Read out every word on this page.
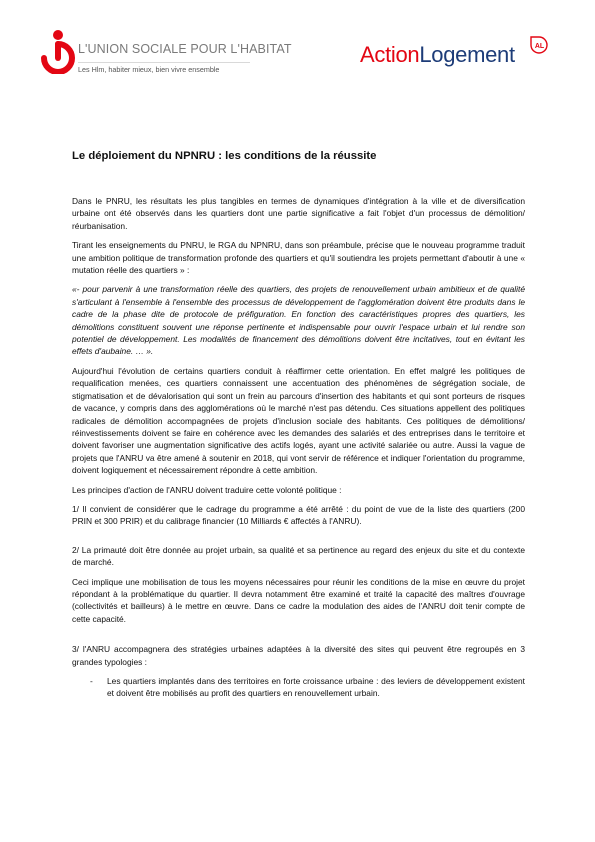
L'UNION SOCIALE POUR L'HABITAT
Les Hlm, habiter mieux, bien vivre ensemble
ActionLogement	AL
Le déploiement du NPNRU : les conditions de la réussite

Dans le PNRU, les résultats les plus tangibles en termes de dynamiques d'intégration à la ville et de diversification urbaine ont été observés dans les quartiers dont une partie significative a fait l'objet d'un processus de démolition/ réurbanisation.

Tirant les enseignements du PNRU, le RGA du NPNRU, dans son préambule, précise que le nouveau programme traduit une ambition politique de transformation profonde des quartiers et qu'il soutiendra les projets permettant d'aboutir à une « mutation réelle des quartiers » :

«- pour parvenir à une transformation réelle des quartiers, des projets de renouvellement urbain ambitieux et de qualité s'articulant à l'ensemble à l'ensemble des processus de développement de l'agglomération doivent être produits dans le cadre de la phase dite de protocole de préfiguration. En fonction des caractéristiques propres des quartiers, les démolitions constituent souvent une réponse pertinente et indispensable pour ouvrir l'espace urbain et lui rendre son potentiel de développement. Les modalités de financement des démolitions doivent être incitatives, tout en évitant les effets d'aubaine. … ».

Aujourd'hui l'évolution de certains quartiers conduit à réaffirmer cette orientation. En effet malgré les politiques de requalification menées, ces quartiers connaissent une accentuation des phénomènes de ségrégation sociale, de stigmatisation et de dévalorisation qui sont un frein au parcours d'insertion des habitants et qui sont porteurs de risques de vacance, y compris dans des agglomérations où le marché n'est pas détendu. Ces situations appellent des politiques radicales de démolition accompagnées de projets d'inclusion sociale des habitants. Ces politiques de démolitions/ réinvestissements doivent se faire en cohérence avec les demandes des salariés et des entreprises dans le territoire et doivent favoriser une augmentation significative des actifs logés, ayant une activité salariée ou autre. Aussi la vague de projets que l'ANRU va être amené à soutenir en 2018, qui vont servir de référence et indiquer l'orientation du programme, doivent logiquement et nécessairement répondre à cette ambition.

Les principes d'action de l'ANRU doivent traduire cette volonté politique :

1/ Il convient de considérer que le cadrage du programme a été arrêté : du point de vue de la liste des quartiers (200 PRIN et 300 PRIR) et du calibrage financier (10 Milliards € affectés à l'ANRU).

2/ La primauté doit être donnée au projet urbain, sa qualité et sa pertinence au regard des enjeux du site et du contexte de marché.

Ceci implique une mobilisation de tous les moyens nécessaires pour réunir les conditions de la mise en œuvre du projet répondant à la problématique du quartier. Il devra notamment être examiné et traité la capacité des maîtres d'ouvrage (collectivités et bailleurs) à le mettre en œuvre. Dans ce cadre la modulation des aides de l'ANRU doit tenir compte de cette capacité.

3/ l'ANRU accompagnera des stratégies urbaines adaptées à la diversité des sites qui peuvent être regroupés en 3 grandes typologies :

- Les quartiers implantés dans des territoires en forte croissance urbaine : des leviers de développement existent et doivent être mobilisés au profit des quartiers en renouvellement urbain.
